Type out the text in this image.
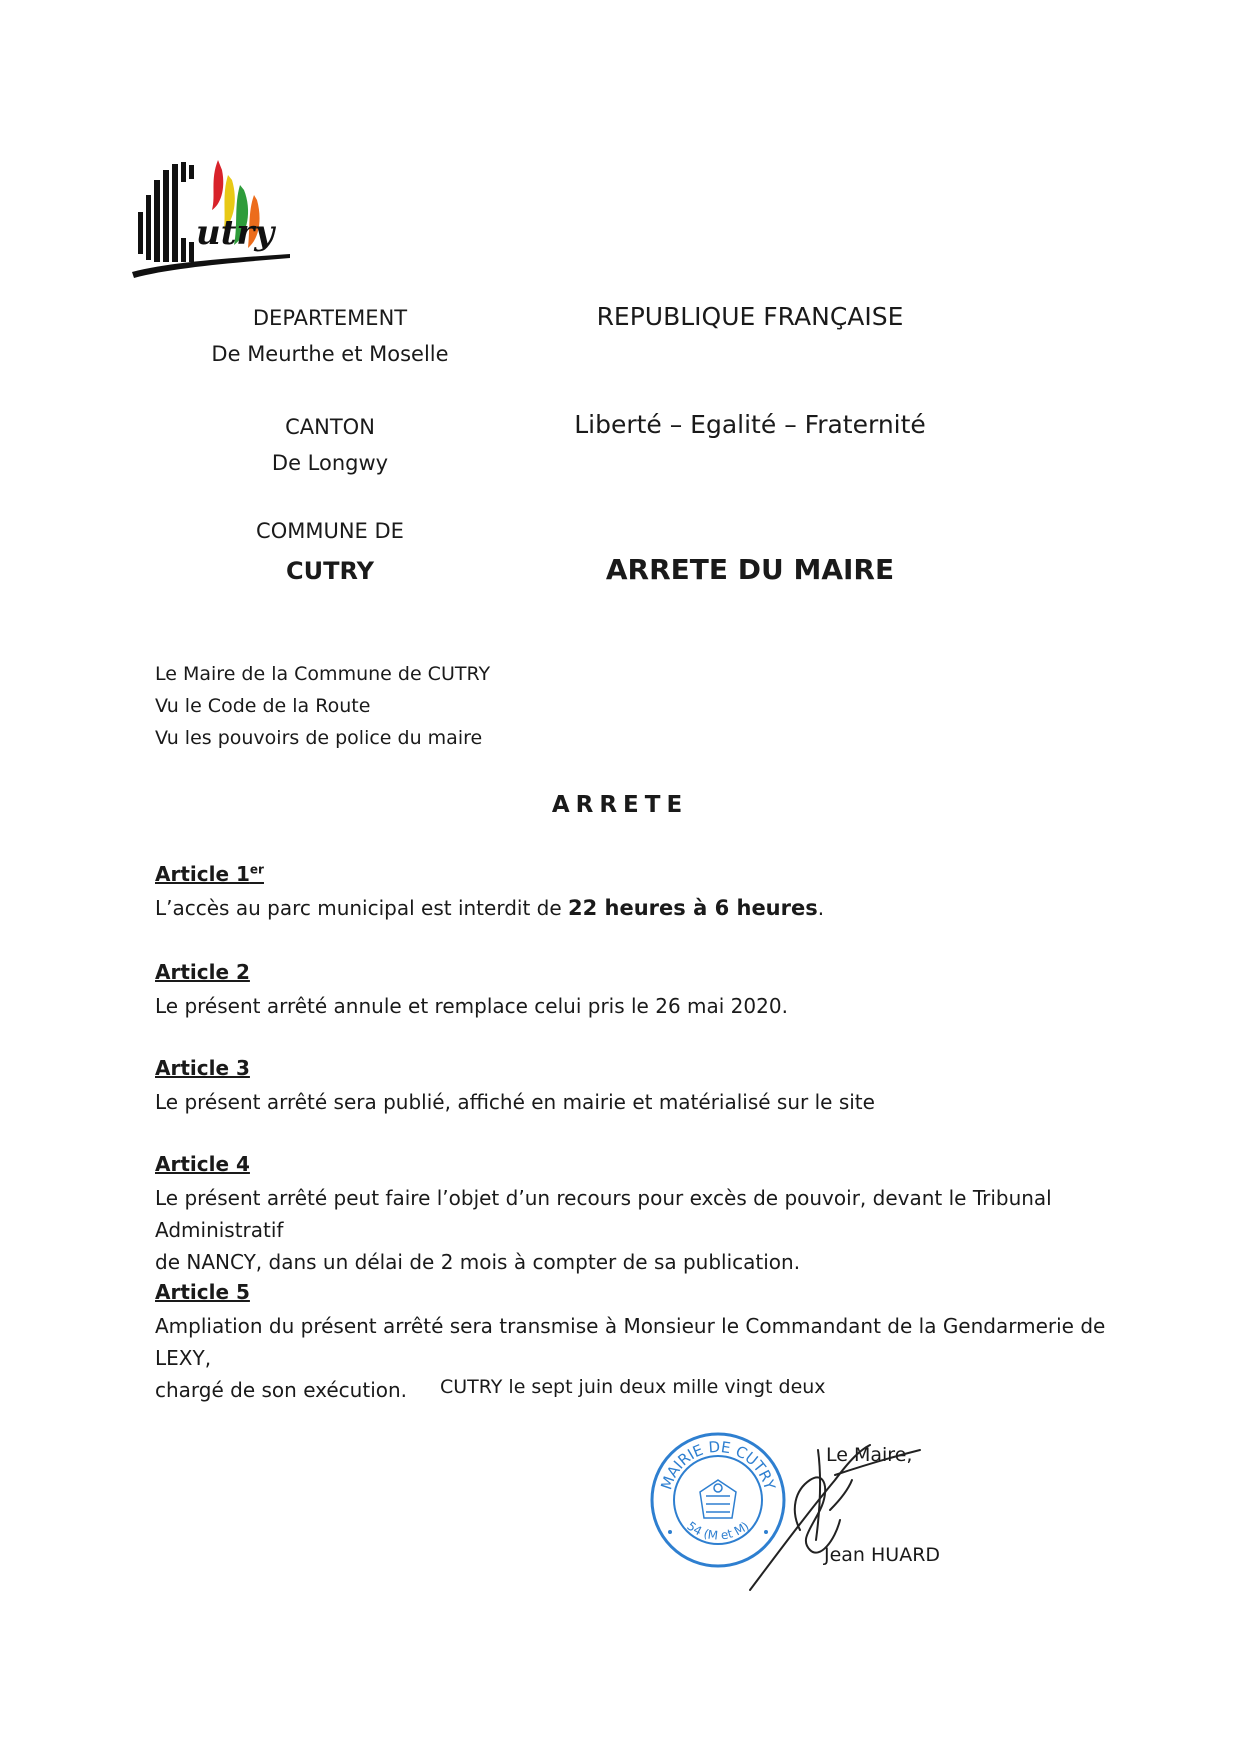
utry
DEPARTEMENT
De Meurthe et Moselle
CANTON
De Longwy
COMMUNE DE
CUTRY
REPUBLIQUE FRANÇAISE
Liberté – Egalité – Fraternité
ARRETE DU MAIRE
Le Maire de la Commune de CUTRY
Vu le Code de la Route
Vu les pouvoirs de police du maire
ARRETE
Article 1er
L’accès au parc municipal est interdit de 22 heures à 6 heures.
Article 2
Le présent arrêté annule et remplace celui pris le 26 mai 2020.
Article 3
Le présent arrêté sera publié, affiché en mairie et matérialisé sur le site
Article 4
Le présent arrêté peut faire l’objet d’un recours pour excès de pouvoir, devant le Tribunal Administratif
de NANCY, dans un délai de 2 mois à compter de sa publication.
Article 5
Ampliation du présent arrêté sera transmise à Monsieur le Commandant de la Gendarmerie de LEXY,
chargé de son exécution.	CUTRY le sept juin deux mille vingt deux
MAIRIE DE CUTRY
54 (M et M)
Le Maire,
Jean HUARD
